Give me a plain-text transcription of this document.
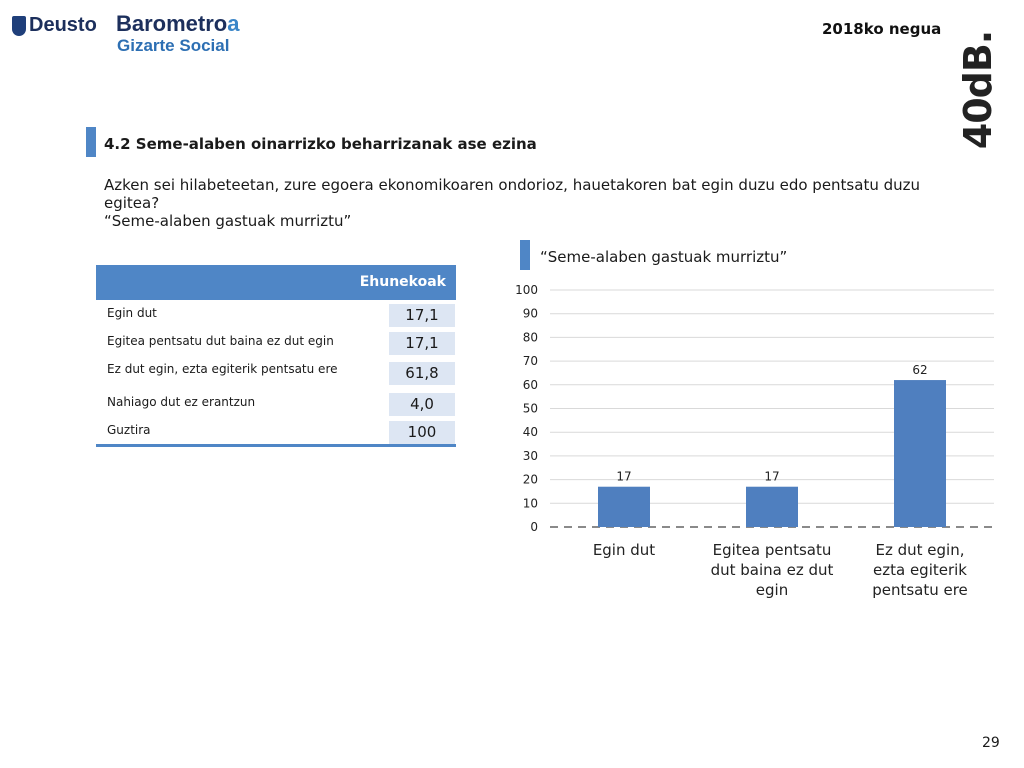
Deusto Barometroa
Gizarte Social
2018ko negua
40dB.
4.2 Seme-alaben oinarrizko beharrizanak ase ezina
Azken sei hilabeteetan, zure egoera ekonomikoaren ondorioz, hauetakoren bat egin duzu edo pentsatu duzu egitea?
“Seme-alaben gastuak murriztu”
“Seme-alaben gastuak murriztu”
Ehunekoak
Egin dut	17,1
Egitea pentsatu dut baina ez dut egin	17,1
Ez dut egin, ezta egiterik pentsatu ere	61,8
Nahiago dut ez erantzun	4,0
Guztira	100
0
10
20
30
40
50
60
70
80
90
100
17
Egin dut
17
Egitea pentsatu dut baina ez dut egin
62
Ez dut egin, ezta egiterik pentsatu ere
29
